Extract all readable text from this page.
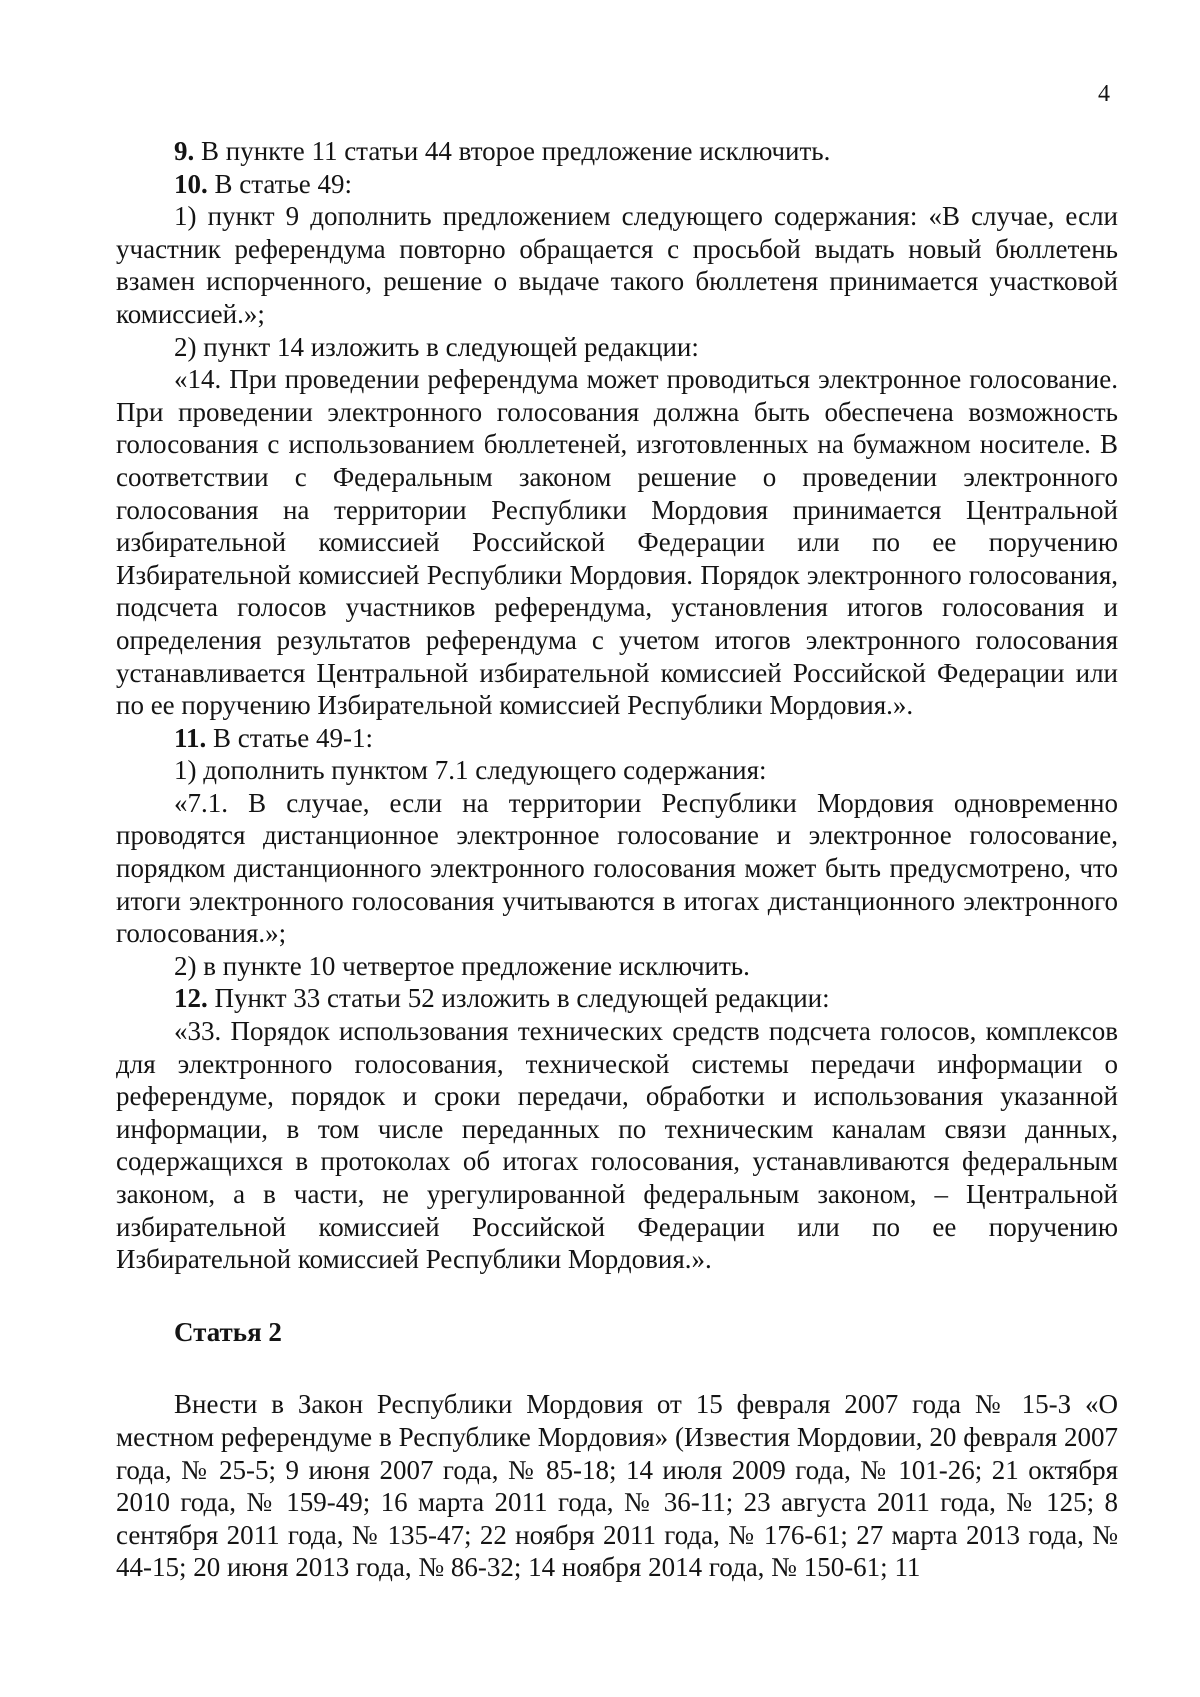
4

9. В пункте 11 статьи 44 второе предложение исключить.

10. В статье 49:

1) пункт 9 дополнить предложением следующего содержания: «В случае, если участник референдума повторно обращается с просьбой выдать новый бюллетень взамен испорченного, решение о выдаче такого бюллетеня принимается участковой комиссией.»;

2) пункт 14 изложить в следующей редакции:

«14. При проведении референдума может проводиться электронное голосование. При проведении электронного голосования должна быть обеспечена возможность голосования с использованием бюллетеней, изготовленных на бумажном носителе. В соответствии с Федеральным законом решение о проведении электронного голосования на территории Республики Мордовия принимается Центральной избирательной комиссией Российской Федерации или по ее поручению Избирательной комиссией Республики Мордовия. Порядок электронного голосования, подсчета голосов участников референдума, установления итогов голосования и определения результатов референдума с учетом итогов электронного голосования устанавливается Центральной избирательной комиссией Российской Федерации или по ее поручению Избирательной комиссией Республики Мордовия.».

11. В статье 49-1:

1) дополнить пунктом 7.1 следующего содержания:

«7.1. В случае, если на территории Республики Мордовия одновременно проводятся дистанционное электронное голосование и электронное голосование, порядком дистанционного электронного голосования может быть предусмотрено, что итоги электронного голосования учитываются в итогах дистанционного электронного голосования.»;

2) в пункте 10 четвертое предложение исключить.

12. Пункт 33 статьи 52 изложить в следующей редакции:

«33. Порядок использования технических средств подсчета голосов, комплексов для электронного голосования, технической системы передачи информации о референдуме, порядок и сроки передачи, обработки и использования указанной информации, в том числе переданных по техническим каналам связи данных, содержащихся в протоколах об итогах голосования, устанавливаются федеральным законом, а в части, не урегулированной федеральным законом, – Центральной избирательной комиссией Российской Федерации или по ее поручению Избирательной комиссией Республики Мордовия.».

Статья 2

Внести в Закон Республики Мордовия от 15 февраля 2007 года № 15-З «О местном референдуме в Республике Мордовия» (Известия Мордовии, 20 февраля 2007 года, № 25-5; 9 июня 2007 года, № 85-18; 14 июля 2009 года, № 101-26; 21 октября 2010 года, № 159-49; 16 марта 2011 года, № 36-11; 23 августа 2011 года, № 125; 8 сентября 2011 года, № 135-47; 22 ноября 2011 года, № 176-61; 27 марта 2013 года, № 44-15; 20 июня 2013 года, № 86-32; 14 ноября 2014 года, № 150-61; 11
